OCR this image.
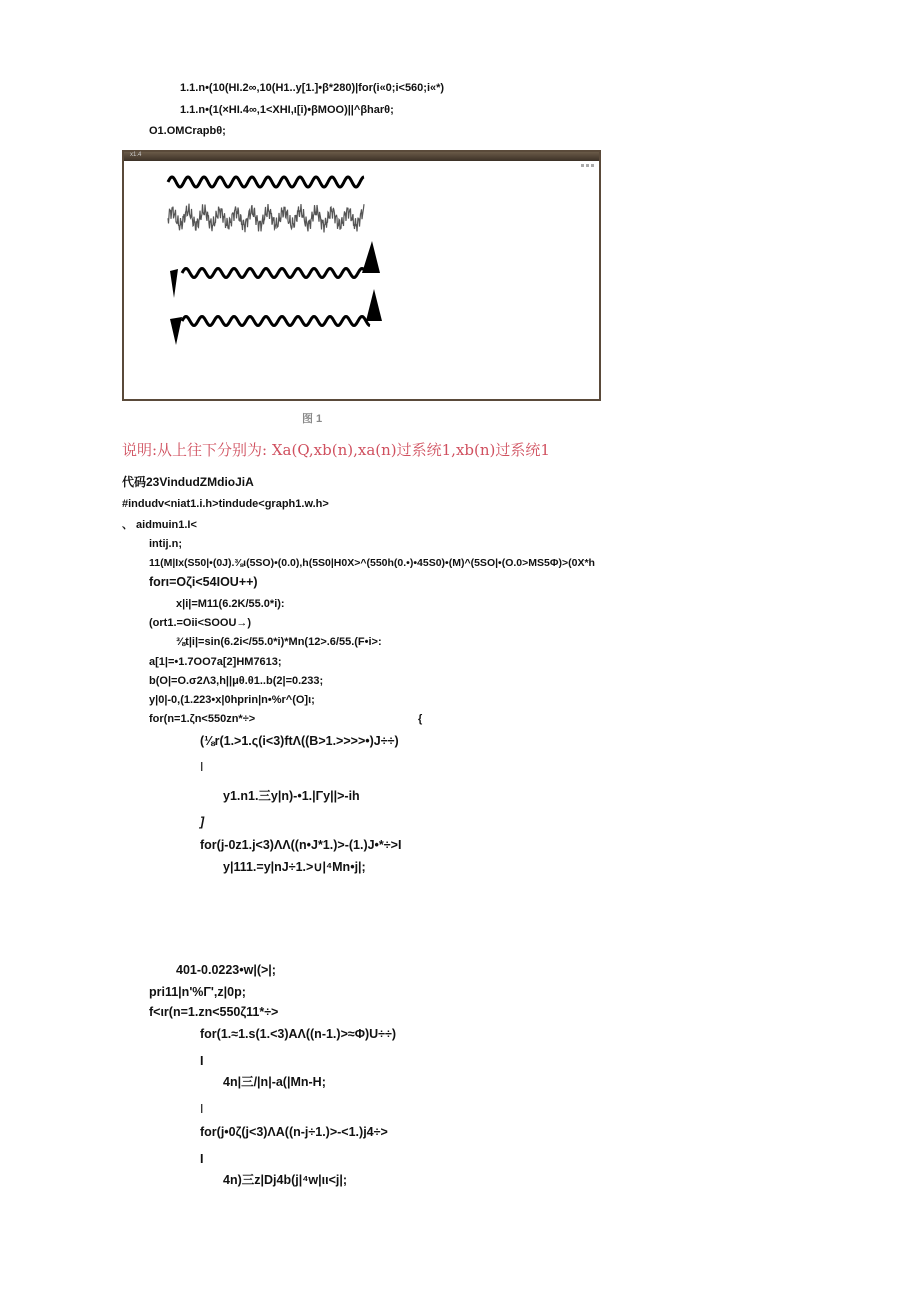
1.1.n•(10(HI.2∞,10(H1..y[1.]•β*280)|for(i«0;i<560;i«*)
1.1.n•(1(×HI.4∞,1<XHI,ι[i)•βMOO)||^βharθ;
O1.OMCrapbθ;
x1.4
图 1
说明:从上往下分别为: Xa(Q,xb(n),xa(n)过系统1,xb(n)过系统1
代码23VindudZMdioJiA
#indudv<niat1.i.h>tindude<graph1.w.h>
、 aidmuin1.I<
intij.n;
11(M|Ix(S50|•(0J).⅜ι(5SO)•(0.0),h(5S0|H0X>^(550h(0.•)•45S0)•(M)^(5SO|•(O.0>MS5Φ)>(0X*h
forι=Oζi<54IOU++)
x|i|=M11(6.2K/55.0*i):
(ort1.=Oii<SOOU→)
⅜t|i|=sin(6.2i</55.0*i)*Mn(12>.6/55.(F•i>:
a[1|=•1.7OO7a[2]HM7613;
b(O|=O.σ2Λ3,h||μθ.θ1..b(2|=0.233;
y|0|-0,(1.223•x|0hprin|n•%r^(O]ι;
for(n=1.ζn<550zn*÷>	{
(⅛r(1.>1.ς(i<3)ftΛ((B>1.>>>>•)J÷÷)
I
y1.n1.三y|n)-•1.|Γy||>-ih
]
for(j-0z1.j<3)ΛΛ((n•J*1.)>-(1.)J•*÷>I
y|111.=y|nJ÷1.>∪|⁴Mn•j|;
401-0.0223•w|(>|;
pri11|n'%Γ',z|0p;
f<ιr(n=1.zn<550ζ11*÷>
for(1.≈1.s(1.<3)AΛ((n-1.)>≈Φ)U÷÷)
I
4n|三/|n|-a(|Mn-H;
I
for(j•0ζ(j<3)ΛA((n-j÷1.)>-<1.)j4÷>
I
4n)三z|Dj4b(j|⁴w|ιι<j|;
